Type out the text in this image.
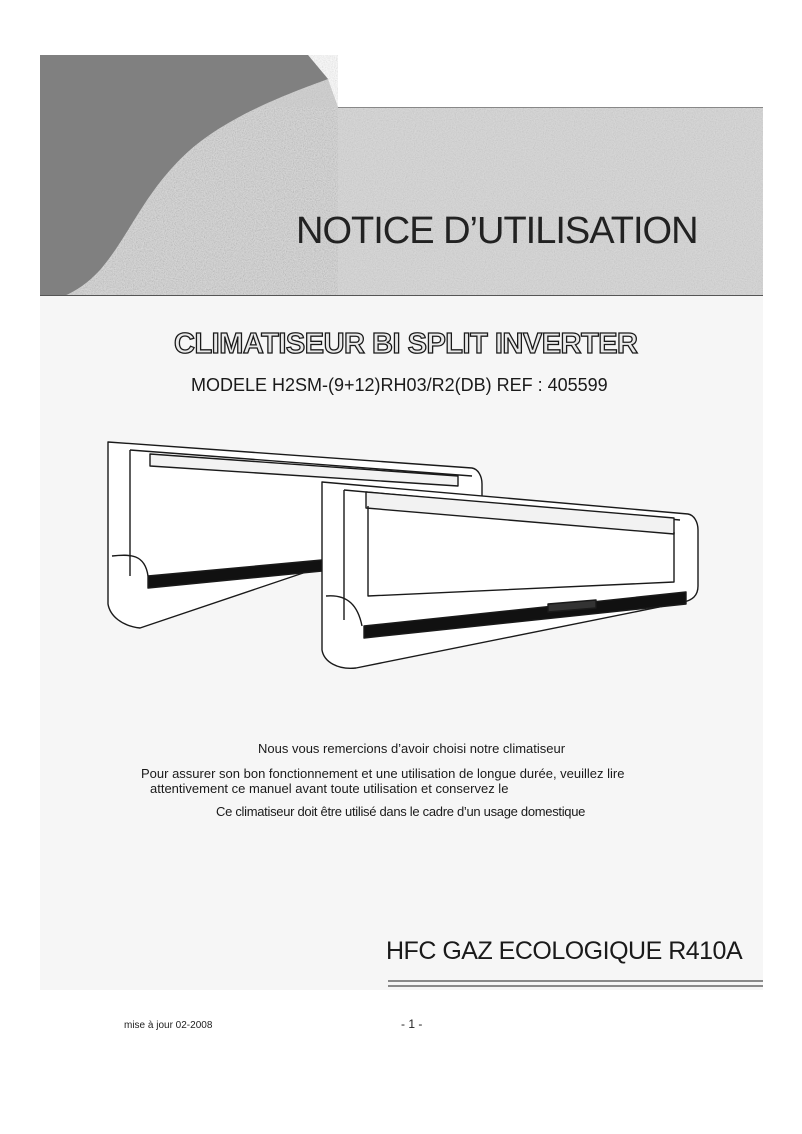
NOTICE D’UTILISATION
CLIMATISEUR BI SPLIT INVERTER
MODELE H2SM-(9+12)RH03/R2(DB) REF : 405599
Nous vous remercions d’avoir choisi notre climatiseur
Pour assurer son bon fonctionnement et une utilisation de longue durée, veuillez lire
attentivement ce manuel avant toute utilisation et conservez le
Ce climatiseur doit être utilisé dans le cadre d’un usage domestique
HFC GAZ ECOLOGIQUE R410A
mise à jour 02-2008	- 1 -
